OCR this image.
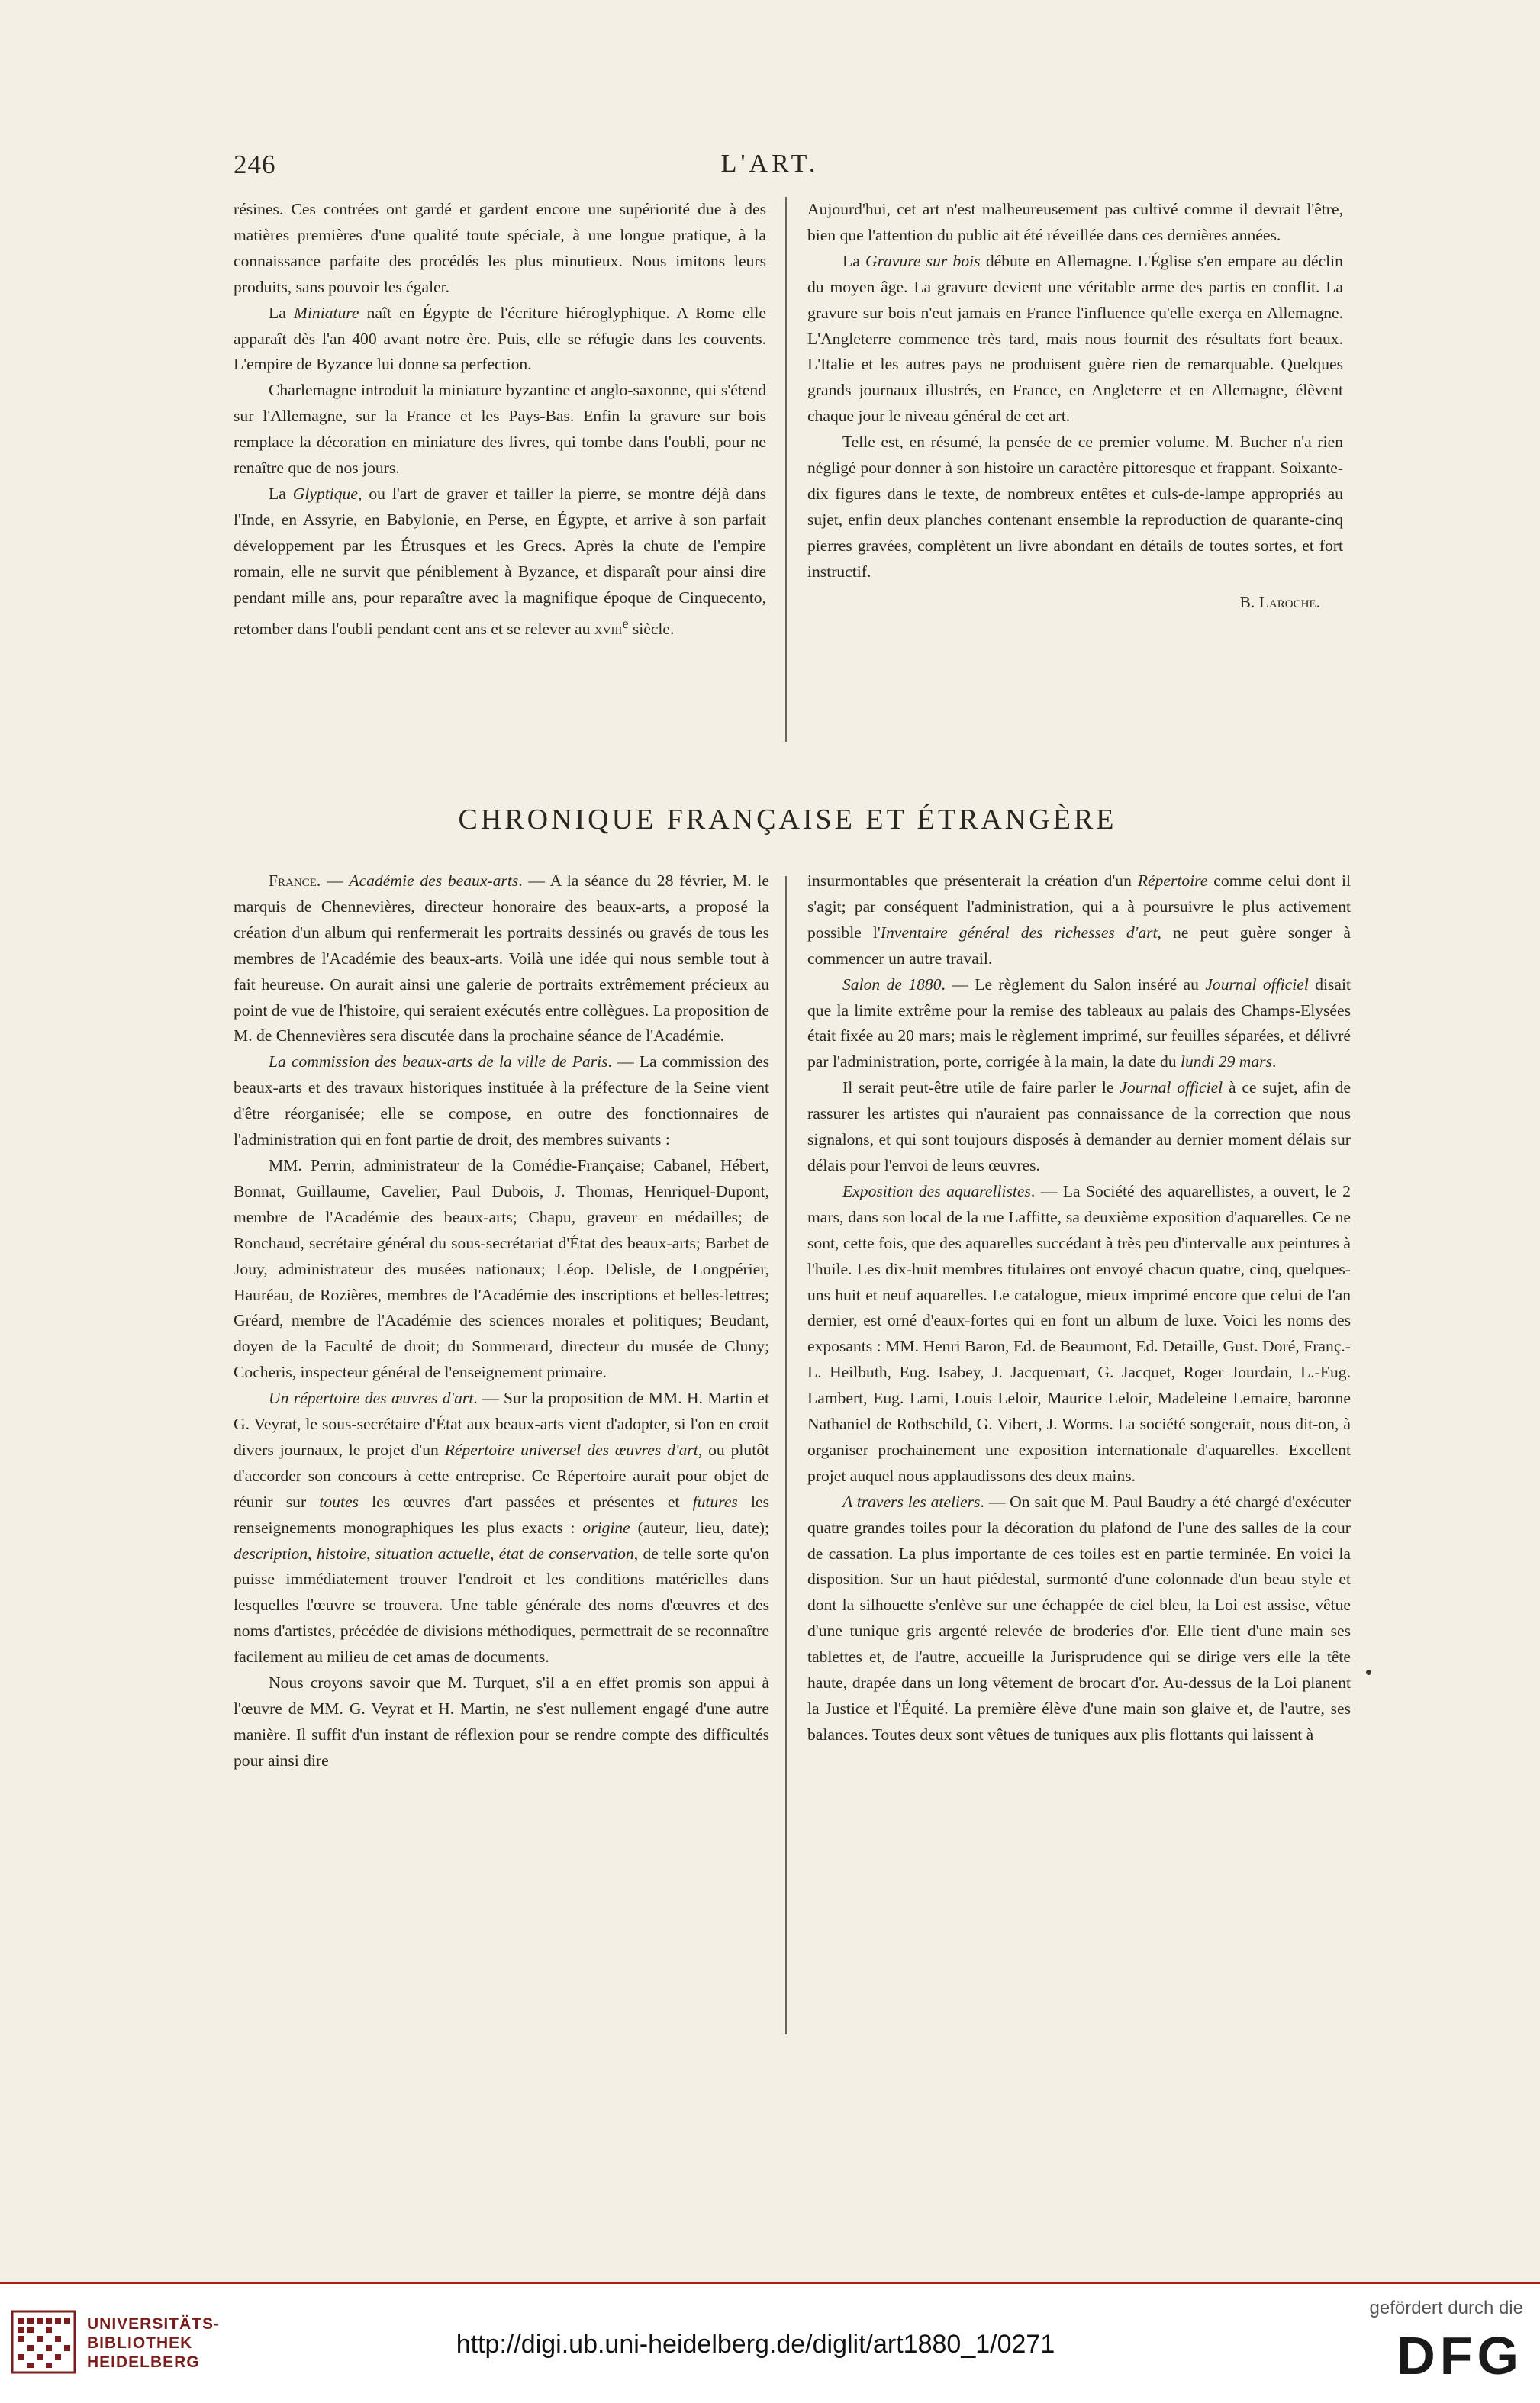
246	L'ART.

résines. Ces contrées ont gardé et gardent encore une supériorité due à des matières premières d'une qualité toute spéciale, à une longue pratique, à la connaissance parfaite des procédés les plus minutieux. Nous imitons leurs produits, sans pouvoir les égaler.

La Miniature naît en Égypte de l'écriture hiéroglyphique. A Rome elle apparaît dès l'an 400 avant notre ère. Puis, elle se réfugie dans les couvents. L'empire de Byzance lui donne sa perfection.

Charlemagne introduit la miniature byzantine et anglo-saxonne, qui s'étend sur l'Allemagne, sur la France et les Pays-Bas. Enfin la gravure sur bois remplace la décoration en miniature des livres, qui tombe dans l'oubli, pour ne renaître que de nos jours.

La Glyptique, ou l'art de graver et tailler la pierre, se montre déjà dans l'Inde, en Assyrie, en Babylonie, en Perse, en Égypte, et arrive à son parfait développement par les Étrusques et les Grecs. Après la chute de l'empire romain, elle ne survit que péniblement à Byzance, et disparaît pour ainsi dire pendant mille ans, pour reparaître avec la magnifique époque de Cinquecento, retomber dans l'oubli pendant cent ans et se relever au xviii$^e$ siècle.

Aujourd'hui, cet art n'est malheureusement pas cultivé comme il devrait l'être, bien que l'attention du public ait été réveillée dans ces dernières années.

La Gravure sur bois débute en Allemagne. L'Église s'en empare au déclin du moyen âge. La gravure devient une véritable arme des partis en conflit. La gravure sur bois n'eut jamais en France l'influence qu'elle exerça en Allemagne. L'Angleterre commence très tard, mais nous fournit des résultats fort beaux. L'Italie et les autres pays ne produisent guère rien de remarquable. Quelques grands journaux illustrés, en France, en Angleterre et en Allemagne, élèvent chaque jour le niveau général de cet art.

Telle est, en résumé, la pensée de ce premier volume. M. Bucher n'a rien négligé pour donner à son histoire un caractère pittoresque et frappant. Soixante-dix figures dans le texte, de nombreux entêtes et culs-de-lampe appropriés au sujet, enfin deux planches contenant ensemble la reproduction de quarante-cinq pierres gravées, complètent un livre abondant en détails de toutes sortes, et fort instructif.

B. Laroche.

CHRONIQUE FRANÇAISE ET ÉTRANGÈRE

France. — Académie des beaux-arts. — A la séance du 28 février, M. le marquis de Chennevières, directeur honoraire des beaux-arts, a proposé la création d'un album qui renfermerait les portraits dessinés ou gravés de tous les membres de l'Académie des beaux-arts. Voilà une idée qui nous semble tout à fait heureuse. On aurait ainsi une galerie de portraits extrêmement précieux au point de vue de l'histoire, qui seraient exécutés entre collègues. La proposition de M. de Chennevières sera discutée dans la prochaine séance de l'Académie.

La commission des beaux-arts de la ville de Paris. — La commission des beaux-arts et des travaux historiques instituée à la préfecture de la Seine vient d'être réorganisée; elle se compose, en outre des fonctionnaires de l'administration qui en font partie de droit, des membres suivants :

MM. Perrin, administrateur de la Comédie-Française; Cabanel, Hébert, Bonnat, Guillaume, Cavelier, Paul Dubois, J. Thomas, Henriquel-Dupont, membre de l'Académie des beaux-arts; Chapu, graveur en médailles; de Ronchaud, secrétaire général du sous-secrétariat d'État des beaux-arts; Barbet de Jouy, administrateur des musées nationaux; Léop. Delisle, de Longpérier, Hauréau, de Rozières, membres de l'Académie des inscriptions et belles-lettres; Gréard, membre de l'Académie des sciences morales et politiques; Beudant, doyen de la Faculté de droit; du Sommerard, directeur du musée de Cluny; Cocheris, inspecteur général de l'enseignement primaire.

Un répertoire des œuvres d'art. — Sur la proposition de MM. H. Martin et G. Veyrat, le sous-secrétaire d'État aux beaux-arts vient d'adopter, si l'on en croit divers journaux, le projet d'un Répertoire universel des œuvres d'art, ou plutôt d'accorder son concours à cette entreprise. Ce Répertoire aurait pour objet de réunir sur toutes les œuvres d'art passées et présentes et futures les renseignements monographiques les plus exacts : origine (auteur, lieu, date); description, histoire, situation actuelle, état de conservation, de telle sorte qu'on puisse immédiatement trouver l'endroit et les conditions matérielles dans lesquelles l'œuvre se trouvera. Une table générale des noms d'œuvres et des noms d'artistes, précédée de divisions méthodiques, permettrait de se reconnaître facilement au milieu de cet amas de documents.

Nous croyons savoir que M. Turquet, s'il a en effet promis son appui à l'œuvre de MM. G. Veyrat et H. Martin, ne s'est nullement engagé d'une autre manière. Il suffit d'un instant de réflexion pour se rendre compte des difficultés pour ainsi dire

insurmontables que présenterait la création d'un Répertoire comme celui dont il s'agit; par conséquent l'administration, qui a à poursuivre le plus activement possible l'Inventaire général des richesses d'art, ne peut guère songer à commencer un autre travail.

Salon de 1880. — Le règlement du Salon inséré au Journal officiel disait que la limite extrême pour la remise des tableaux au palais des Champs-Elysées était fixée au 20 mars; mais le règlement imprimé, sur feuilles séparées, et délivré par l'administration, porte, corrigée à la main, la date du lundi 29 mars.

Il serait peut-être utile de faire parler le Journal officiel à ce sujet, afin de rassurer les artistes qui n'auraient pas connaissance de la correction que nous signalons, et qui sont toujours disposés à demander au dernier moment délais sur délais pour l'envoi de leurs œuvres.

Exposition des aquarellistes. — La Société des aquarellistes, a ouvert, le 2 mars, dans son local de la rue Laffitte, sa deuxième exposition d'aquarelles. Ce ne sont, cette fois, que des aquarelles succédant à très peu d'intervalle aux peintures à l'huile. Les dix-huit membres titulaires ont envoyé chacun quatre, cinq, quelques-uns huit et neuf aquarelles. Le catalogue, mieux imprimé encore que celui de l'an dernier, est orné d'eaux-fortes qui en font un album de luxe. Voici les noms des exposants : MM. Henri Baron, Ed. de Beaumont, Ed. Detaille, Gust. Doré, Franç.-L. Heilbuth, Eug. Isabey, J. Jacquemart, G. Jacquet, Roger Jourdain, L.-Eug. Lambert, Eug. Lami, Louis Leloir, Maurice Leloir, Madeleine Lemaire, baronne Nathaniel de Rothschild, G. Vibert, J. Worms. La société songerait, nous dit-on, à organiser prochainement une exposition internationale d'aquarelles. Excellent projet auquel nous applaudissons des deux mains.

A travers les ateliers. — On sait que M. Paul Baudry a été chargé d'exécuter quatre grandes toiles pour la décoration du plafond de l'une des salles de la cour de cassation. La plus importante de ces toiles est en partie terminée. En voici la disposition. Sur un haut piédestal, surmonté d'une colonnade d'un beau style et dont la silhouette s'enlève sur une échappée de ciel bleu, la Loi est assise, vêtue d'une tunique gris argenté relevée de broderies d'or. Elle tient d'une main ses tablettes et, de l'autre, accueille la Jurisprudence qui se dirige vers elle la tête haute, drapée dans un long vêtement de brocart d'or. Au-dessus de la Loi planent la Justice et l'Équité. La première élève d'une main son glaive et, de l'autre, ses balances. Toutes deux sont vêtues de tuniques aux plis flottants qui laissent à

UNIVERSITÄTS-
BIBLIOTHEK
HEIDELBERG
http://digi.ub.uni-heidelberg.de/diglit/art1880_1/0271
gefördert durch die
DFG
